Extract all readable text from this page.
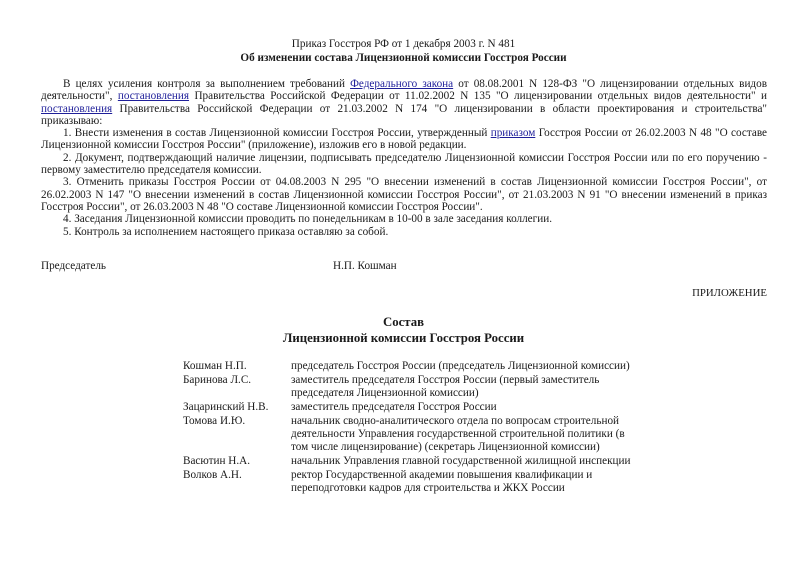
Приказ Госстроя РФ от 1 декабря 2003 г. N 481
Об изменении состава Лицензионной комиссии Госстроя России

В целях усиления контроля за выполнением требований Федерального закона от 08.08.2001 N 128-ФЗ "О лицензировании отдельных видов деятельности", постановления Правительства Российской Федерации от 11.02.2002 N 135 "О лицензировании отдельных видов деятельности" и постановления Правительства Российской Федерации от 21.03.2002 N 174 "О лицензировании в области проектирования и строительства" приказываю:

1. Внести изменения в состав Лицензионной комиссии Госстроя России, утвержденный приказом Госстроя России от 26.02.2003 N 48 "О составе Лицензионной комиссии Госстроя России" (приложение), изложив его в новой редакции.

2. Документ, подтверждающий наличие лицензии, подписывать председателю Лицензионной комиссии Госстроя России или по его поручению - первому заместителю председателя комиссии.

3. Отменить приказы Госстроя России от 04.08.2003 N 295 "О внесении изменений в состав Лицензионной комиссии Госстроя России", от 26.02.2003 N 147 "О внесении изменений в состав Лицензионной комиссии Госстроя России", от 21.03.2003 N 91 "О внесении изменений в приказ Госстроя России", от 26.03.2003 N 48 "О составе Лицензионной комиссии Госстроя России".

4. Заседания Лицензионной комиссии проводить по понедельникам в 10-00 в зале заседания коллегии.

5. Контроль за исполнением настоящего приказа оставляю за собой.

Председатель	Н.П. Кошман
ПРИЛОЖЕНИЕ
Состав
Лицензионной комиссии Госстроя России
Кошман Н.П.	председатель Госстроя России (председатель Лицензионной комиссии)
Баринова Л.С.	заместитель председателя Госстроя России (первый заместитель председателя Лицензионной комиссии)
Зацаринский Н.В.	заместитель председателя Госстроя России
Томова И.Ю.	начальник сводно-аналитического отдела по вопросам строительной деятельности Управления государственной строительной политики (в том числе лицензирование) (секретарь Лицензионной комиссии)
Васютин Н.А.	начальник Управления главной государственной жилищной инспекции
Волков А.Н.	ректор Государственной академии повышения квалификации и переподготовки кадров для строительства и ЖКХ России
